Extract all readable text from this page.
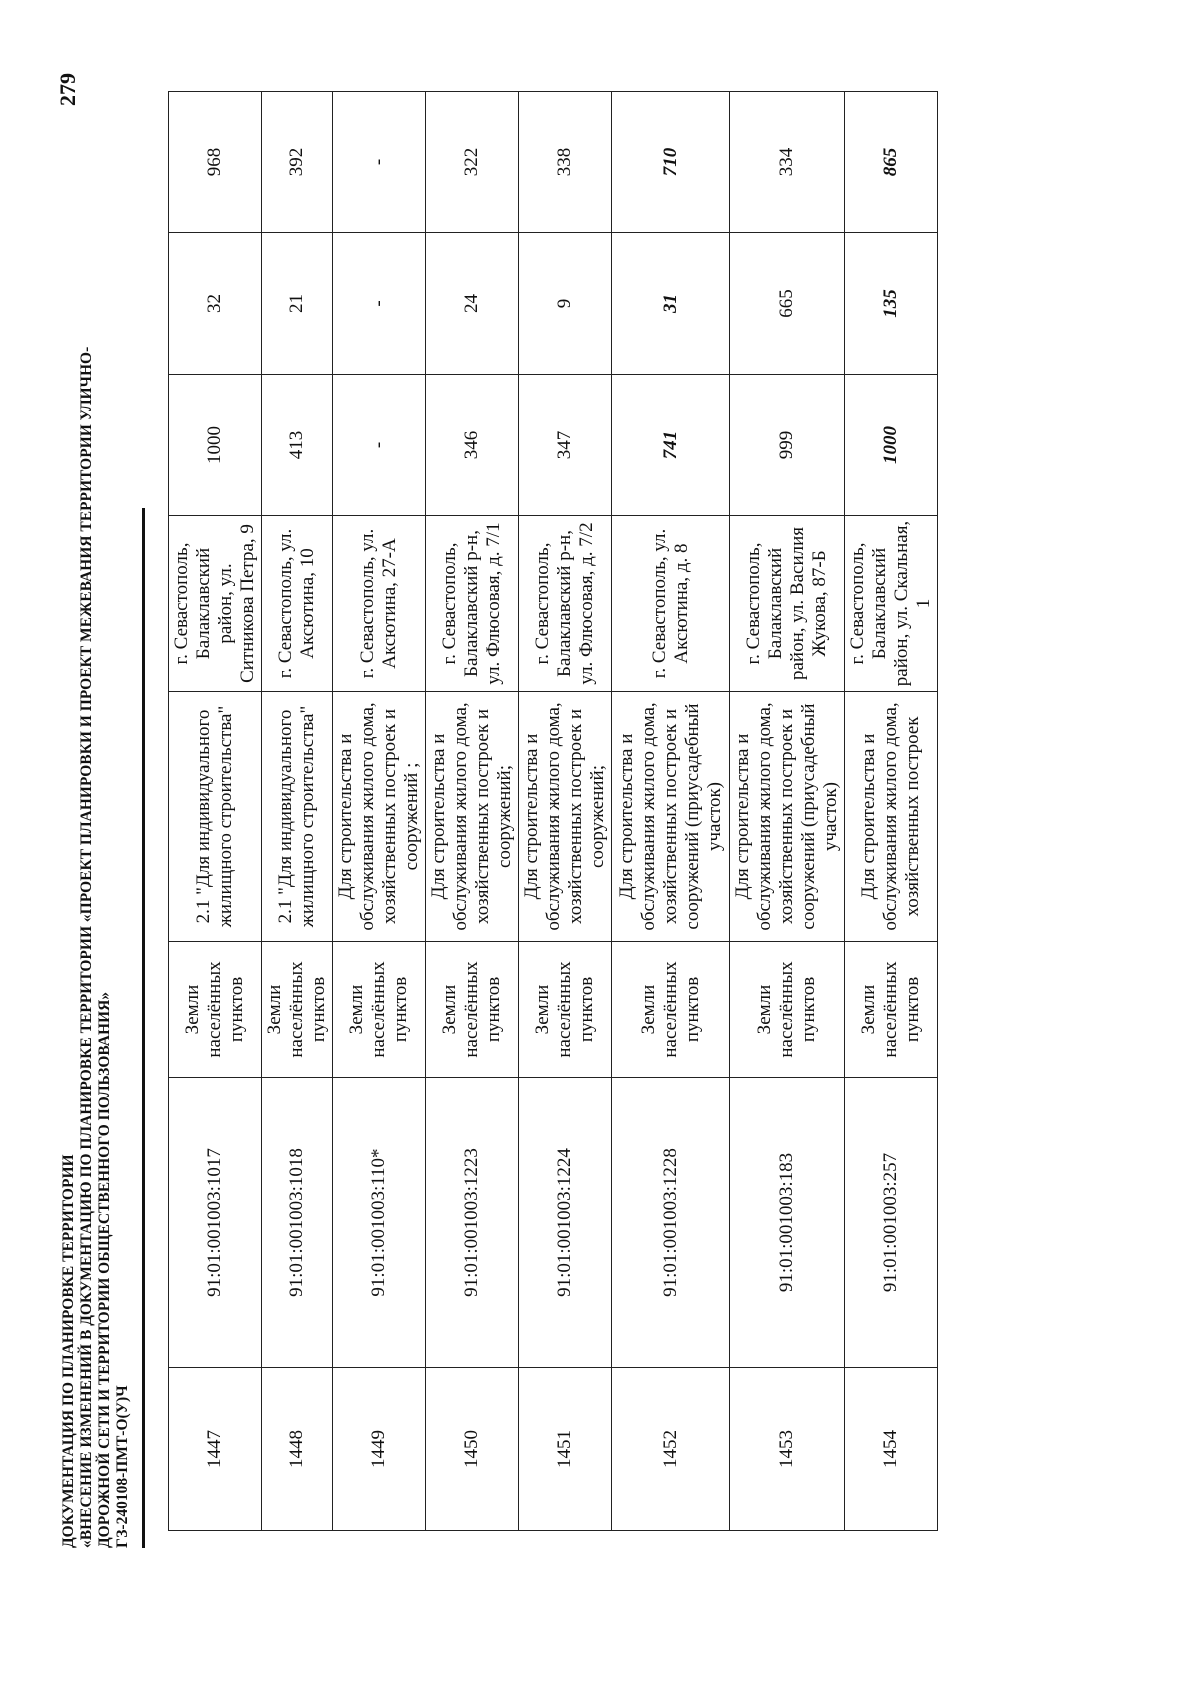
279
ДОКУМЕНТАЦИЯ ПО ПЛАНИРОВКЕ ТЕРРИТОРИИ «ВНЕСЕНИЕ ИЗМЕНЕНИЙ В ДОКУМЕНТАЦИЮ ПО ПЛАНИРОВКЕ ТЕРРИТОРИИ «ПРОЕКТ ПЛАНИРОВКИ И ПРОЕКТ МЕЖЕВАНИЯ ТЕРРИТОРИИ УЛИЧНО- ДОРОЖНОЙ СЕТИ И ТЕРРИТОРИИ ОБЩЕСТВЕННОГО ПОЛЬЗОВАНИЯ» ГЗ-240108-ПМТ-О(У)Ч	1447	91:01:001003:1017	Земли населённых пунктов	2.1 "Для индивидуального жилищного строительства"	г. Севастополь, Балаклавский район, ул. Ситникова Петра, 9	1000	32	968
1448	91:01:001003:1018	Земли населённых пунктов	2.1 "Для индивидуального жилищного строительства"	г. Севастополь, ул. Аксютина, 10	413	21	392
1449	91:01:001003:110*	Земли населённых пунктов	Для строительства и обслуживания жилого дома, хозяйственных построек и сооружений ;	г. Севастополь, ул. Аксютина, 27-А	-	-	-
1450	91:01:001003:1223	Земли населённых пунктов	Для строительства и обслуживания жилого дома, хозяйственных построек и сооружений;	г. Севастополь, Балаклавский р-н, ул. Флюсовая, д. 7/1	346	24	322
1451	91:01:001003:1224	Земли населённых пунктов	Для строительства и обслуживания жилого дома, хозяйственных построек и сооружений;	г. Севастополь, Балаклавский р-н, ул. Флюсовая, д. 7/2	347	9	338
1452	91:01:001003:1228	Земли населённых пунктов	Для строительства и обслуживания жилого дома, хозяйственных построек и сооружений (приусадебный участок)	г. Севастополь, ул. Аксютина, д. 8	741	31	710
1453	91:01:001003:183	Земли населённых пунктов	Для строительства и обслуживания жилого дома, хозяйственных построек и сооружений (приусадебный участок)	г. Севастополь, Балаклавский район, ул. Василия Жукова, 87-Б	999	665	334
1454	91:01:001003:257	Земли населённых пунктов	Для строительства и обслуживания жилого дома, хозяйственных построек	г. Севастополь, Балаклавский район, ул. Скальная, 1	1000	135	865
